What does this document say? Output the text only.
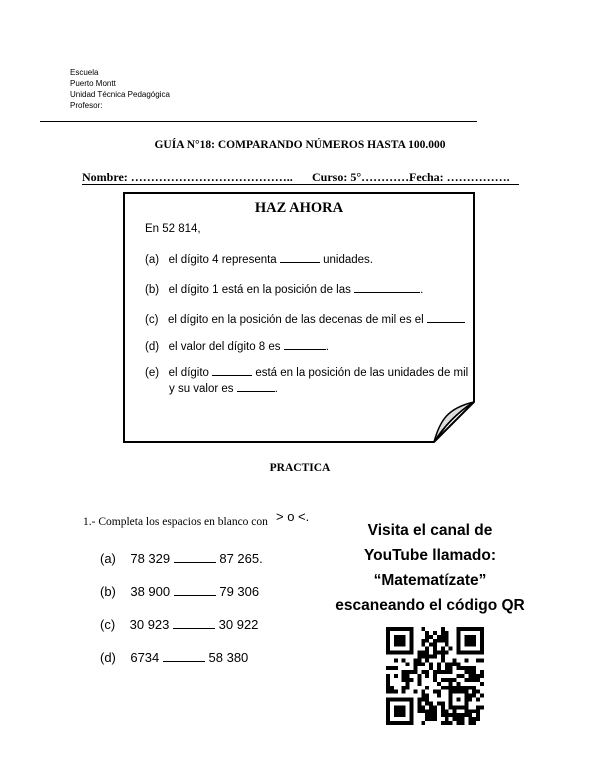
Escuela
Puerto Montt
Unidad Técnica Pedagógica
Profesor:
GUÍA N°18: COMPARANDO NÚMEROS HASTA 100.000
Nombre: ………………………………….. Curso: 5°………… Fecha: …………….
HAZ AHORA
En 52 814,
(a) el dígito 4 representa	unidades.
(b) el dígito 1 está en la posición de las	.
(c) el dígito en la posición de las decenas de mil es el
(d) el valor del dígito 8 es	.
(e) el dígito	está en la posición de las unidades de mil
y su valor es	.
PRACTICA
1.- Completa los espacios en blanco con > o <.
(a) 78 329	87 265.
(b) 38 900	79 306
(c) 30 923	30 922
(d) 6734	58 380
Visita el canal de
YouTube llamado:
“Matematízate”
escaneando el código QR
